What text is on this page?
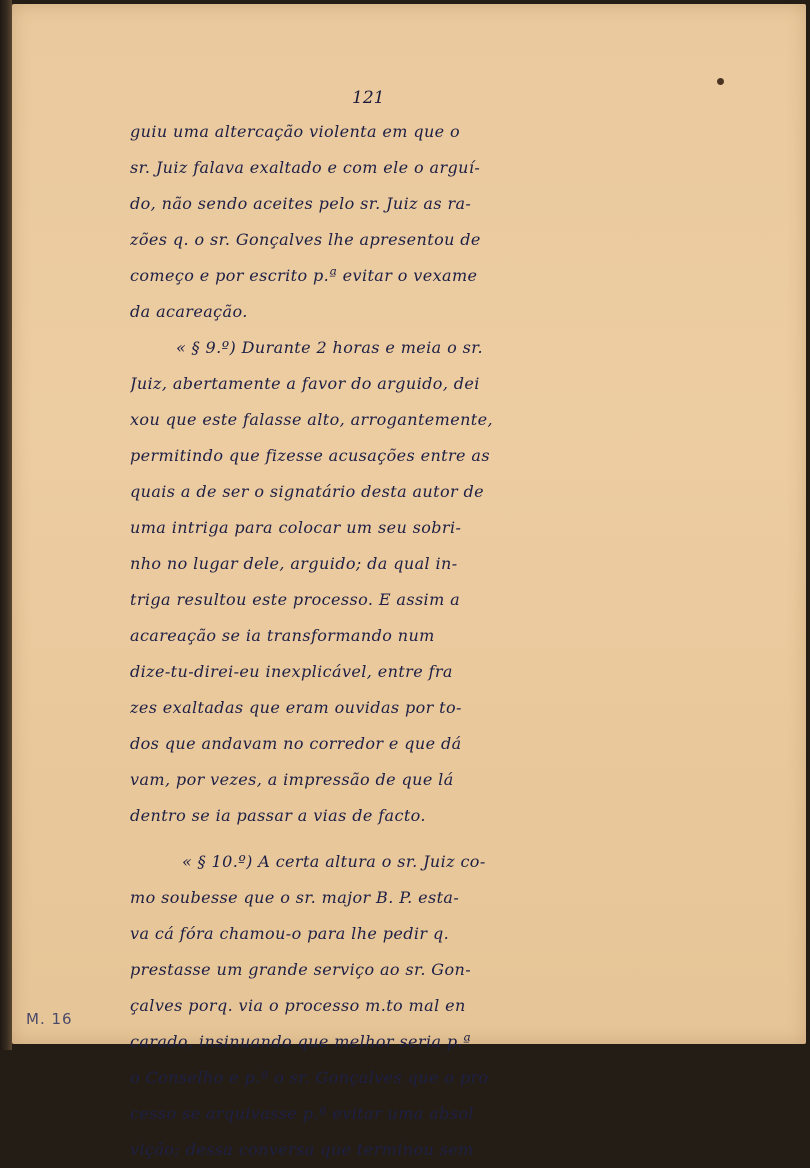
121
guiu uma altercação violenta em que o
sr. Juiz falava exaltado e com ele o arguí-
do, não sendo aceites pelo sr. Juiz as ra-
zões q. o sr. Gonçalves lhe apresentou de
começo e por escrito p.ª evitar o vexame
da acareação.
« § 9.º) Durante 2 horas e meia o sr.
Juiz, abertamente a favor do arguido, dei
xou que este falasse alto, arrogantemente,
permitindo que fizesse acusações entre as
quais a de ser o signatário desta autor de
uma intriga para colocar um seu sobri-
nho no lugar dele, arguido; da qual in-
triga resultou este processo. E assim a
acareação se ia transformando num
dize-tu-direi-eu inexplicável, entre fra
zes exaltadas que eram ouvidas por to-
dos que andavam no corredor e que dá
vam, por vezes, a impressão de que lá
dentro se ia passar a vias de facto.
« § 10.º) A certa altura o sr. Juiz co-
mo soubesse que o sr. major B. P. esta-
va cá fóra chamou-o para lhe pedir q.
prestasse um grande serviço ao sr. Gon-
çalves porq. via o processo m.to mal en
carado, insinuando que melhor seria p.ª
o Conselho e p.ª o sr. Gonçalves que o pro
cesso se arquivasse p.ª evitar uma absol
vição; dessa conversa que terminou sem
M. 16
